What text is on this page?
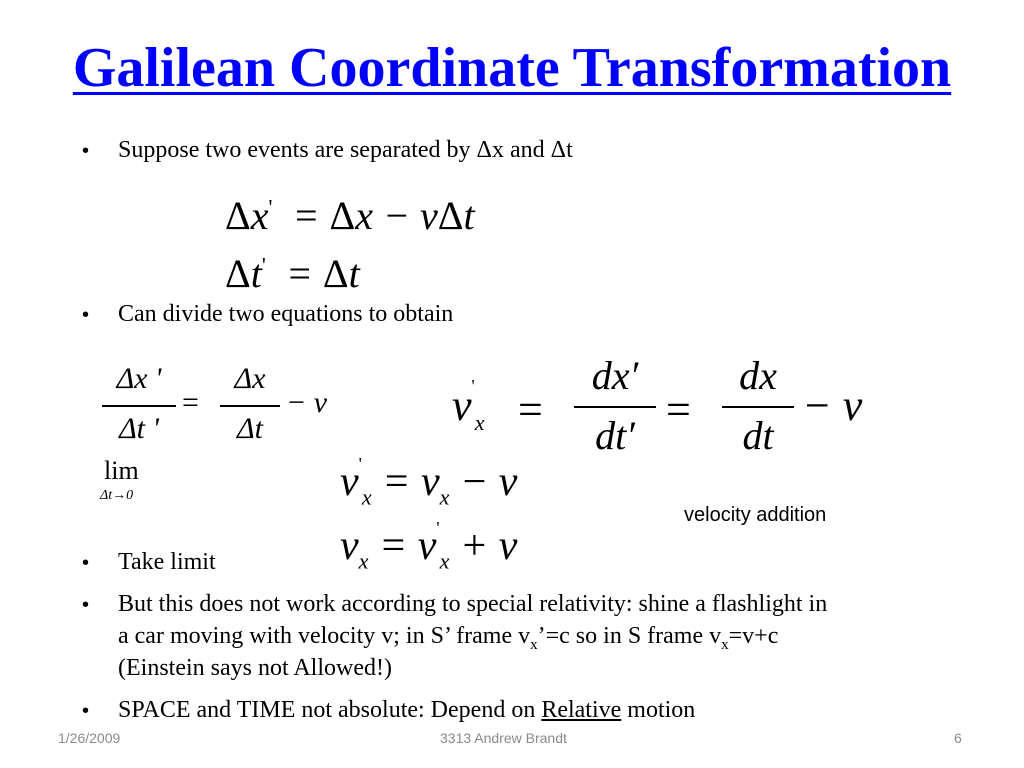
Galilean Coordinate Transformation
• Suppose two events are separated by Δx and Δt
Δx'  = Δx − vΔt
Δt'  = Δt
• Can divide two equations to obtain
Δx '
Δt '
=
Δx
Δt
− v	$v'_x$ =
dx′
dt′
=
dx
dt
− v
lim
Δt→0	$v'_x = v_x - v$
$v_x = v'_x + v$
velocity addition
• Take limit
• But this does not work according to special relativity: shine a flashlight in
a car moving with velocity v; in S’ frame $v_x’=c$ so in S frame $v_x=v+c$
(Einstein says not Allowed!)
• SPACE and TIME not absolute: Depend on Relative motion
1/26/2009	3313 Andrew Brandt	6
